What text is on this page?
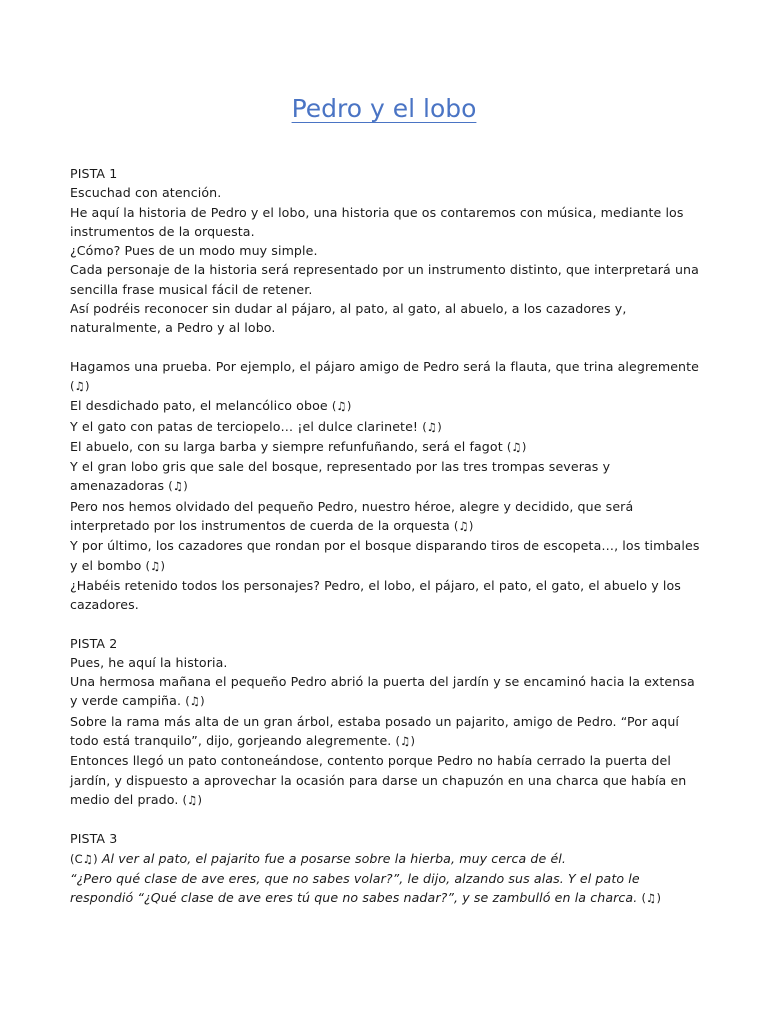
Pedro y el lobo

PISTA 1

Escuchad con atención.

He aquí la historia de Pedro y el lobo, una historia que os contaremos con música, mediante los instrumentos de la orquesta.

¿Cómo? Pues de un modo muy simple.

Cada personaje de la historia será representado por un instrumento distinto, que interpretará una sencilla frase musical fácil de retener.

Así podréis reconocer sin dudar al pájaro, al pato, al gato, al abuelo, a los cazadores y, naturalmente, a Pedro y al lobo.

Hagamos una prueba. Por ejemplo, el pájaro amigo de Pedro será la flauta, que trina alegremente (♫)

El desdichado pato, el melancólico oboe (♫)

Y el gato con patas de terciopelo… ¡el dulce clarinete! (♫)

El abuelo, con su larga barba y siempre refunfuñando, será el fagot (♫)

Y el gran lobo gris que sale del bosque, representado por las tres trompas severas y amenazadoras (♫)

Pero nos hemos olvidado del pequeño Pedro, nuestro héroe, alegre y decidido, que será interpretado por los instrumentos de cuerda de la orquesta (♫)

Y por último, los cazadores que rondan por el bosque disparando tiros de escopeta…, los timbales y el bombo (♫)

¿Habéis retenido todos los personajes? Pedro, el lobo, el pájaro, el pato, el gato, el abuelo y los cazadores.

PISTA 2

Pues, he aquí la historia.

Una hermosa mañana el pequeño Pedro abrió la puerta del jardín y se encaminó hacia la extensa y verde campiña. (♫)

Sobre la rama más alta de un gran árbol, estaba posado un pajarito, amigo de Pedro. “Por aquí todo está tranquilo”, dijo, gorjeando alegremente. (♫)

Entonces llegó un pato contoneándose, contento porque Pedro no había cerrado la puerta del jardín, y dispuesto a aprovechar la ocasión para darse un chapuzón en una charca que había en medio del prado. (♫)

PISTA 3

(C♫) Al ver al pato, el pajarito fue a posarse sobre la hierba, muy cerca de él.

“¿Pero qué clase de ave eres, que no sabes volar?”, le dijo, alzando sus alas. Y el pato le respondió “¿Qué clase de ave eres tú que no sabes nadar?”, y se zambulló en la charca. (♫)
